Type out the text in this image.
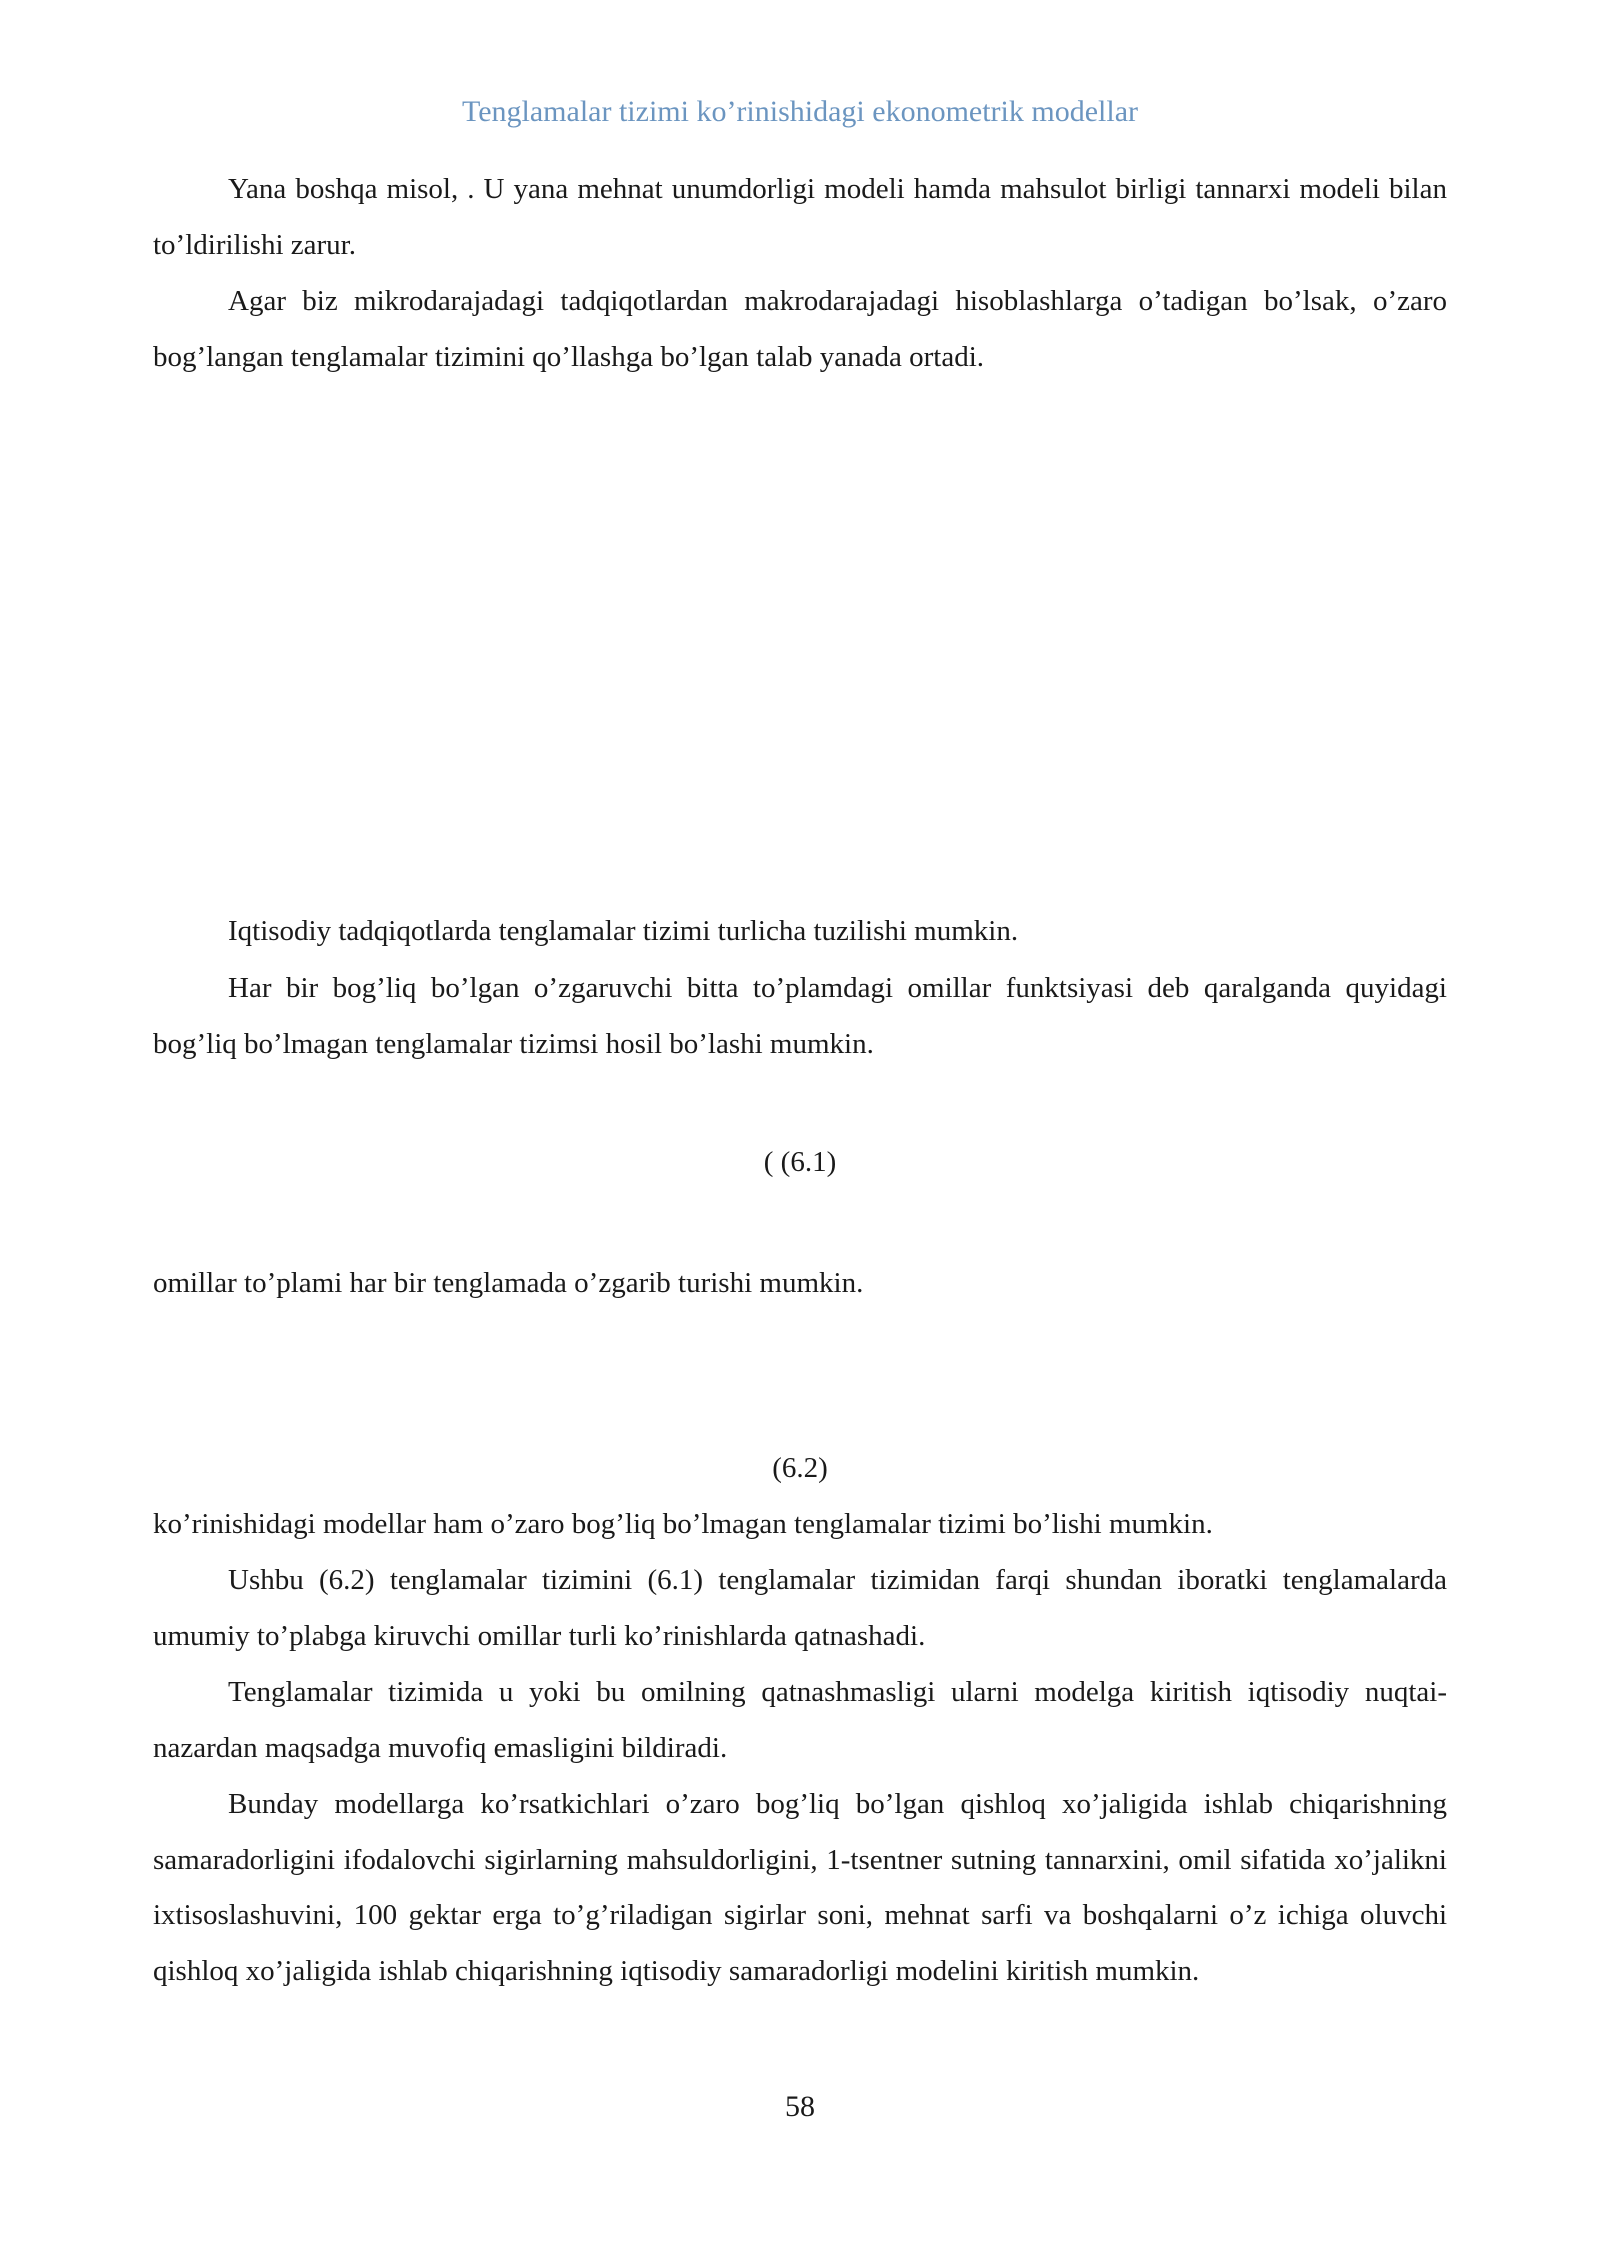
Tenglamalar tizimi ko’rinishidagi ekonometrik modellar
Yana boshqa misol, . U yana mehnat unumdorligi modeli hamda mahsulot birligi tannarxi modeli bilan to’ldirilishi zarur.
Agar biz mikrodarajadagi tadqiqotlardan makrodarajadagi hisoblashlarga o’tadigan bo’lsak, o’zaro bog’langan tenglamalar tizimini qo’llashga bo’lgan talab yanada ortadi.
Iqtisodiy tadqiqotlarda tenglamalar tizimi turlicha tuzilishi mumkin.
Har bir bog’liq bo’lgan o’zgaruvchi bitta to’plamdagi omillar funktsiyasi deb qaralganda quyidagi bog’liq bo’lmagan tenglamalar tizimsi hosil bo’lashi mumkin.
( (6.1)
omillar to’plami har bir tenglamada o’zgarib turishi mumkin.
(6.2)
ko’rinishidagi modellar ham o’zaro bog’liq bo’lmagan tenglamalar tizimi bo’lishi mumkin.
Ushbu (6.2) tenglamalar tizimini (6.1) tenglamalar tizimidan farqi shundan iboratki tenglamalarda umumiy to’plabga kiruvchi omillar turli ko’rinishlarda qatnashadi.
Tenglamalar tizimida u yoki bu omilning qatnashmasligi ularni modelga kiritish iqtisodiy nuqtai-nazardan maqsadga muvofiq emasligini bildiradi.
Bunday modellarga ko’rsatkichlari o’zaro bog’liq bo’lgan qishloq xo’jaligida ishlab chiqarishning samaradorligini ifodalovchi sigirlarning mahsuldorligini, 1-tsentner sutning tannarxini, omil sifatida xo’jalikni ixtisoslashuvini, 100 gektar erga to’g’riladigan sigirlar soni, mehnat sarfi va boshqalarni o’z ichiga oluvchi qishloq xo’jaligida ishlab chiqarishning iqtisodiy samaradorligi modelini kiritish mumkin.
58
